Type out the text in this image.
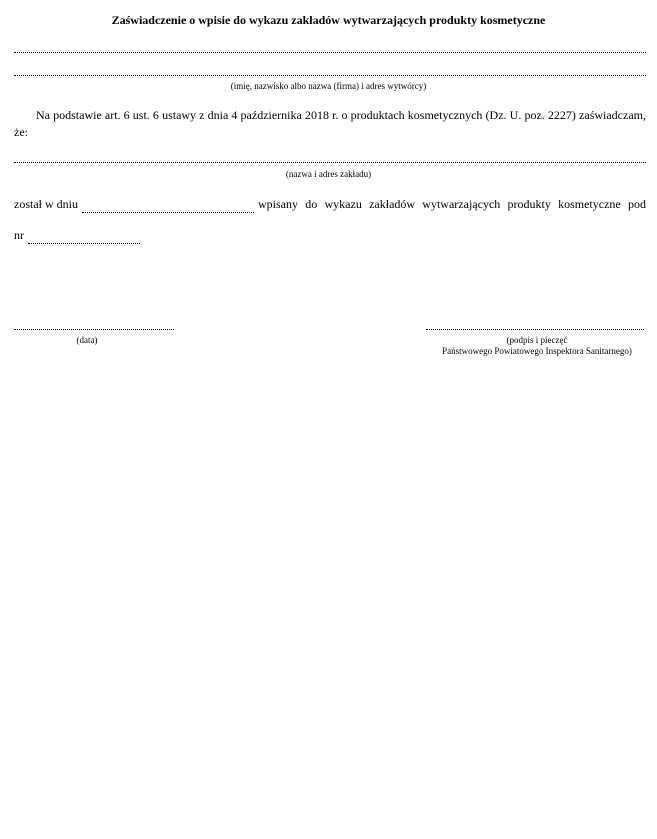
Zaświadczenie o wpisie do wykazu zakładów wytwarzających produkty kosmetyczne
(imię, nazwisko albo nazwa (firma) i adres wytwórcy)
Na podstawie art. 6 ust. 6 ustawy z dnia 4 października 2018 r. o produktach kosmetycznych (Dz. U. poz. 2227) zaświadczam, że:
(nazwa i adres zakładu)
został w dniu
	wpisany do wykazu zakładów wytwarzających produkty kosmetyczne pod
nr

(data)	(podpis i pieczęć
Państwowego Powiatowego Inspektora Sanitarnego)
